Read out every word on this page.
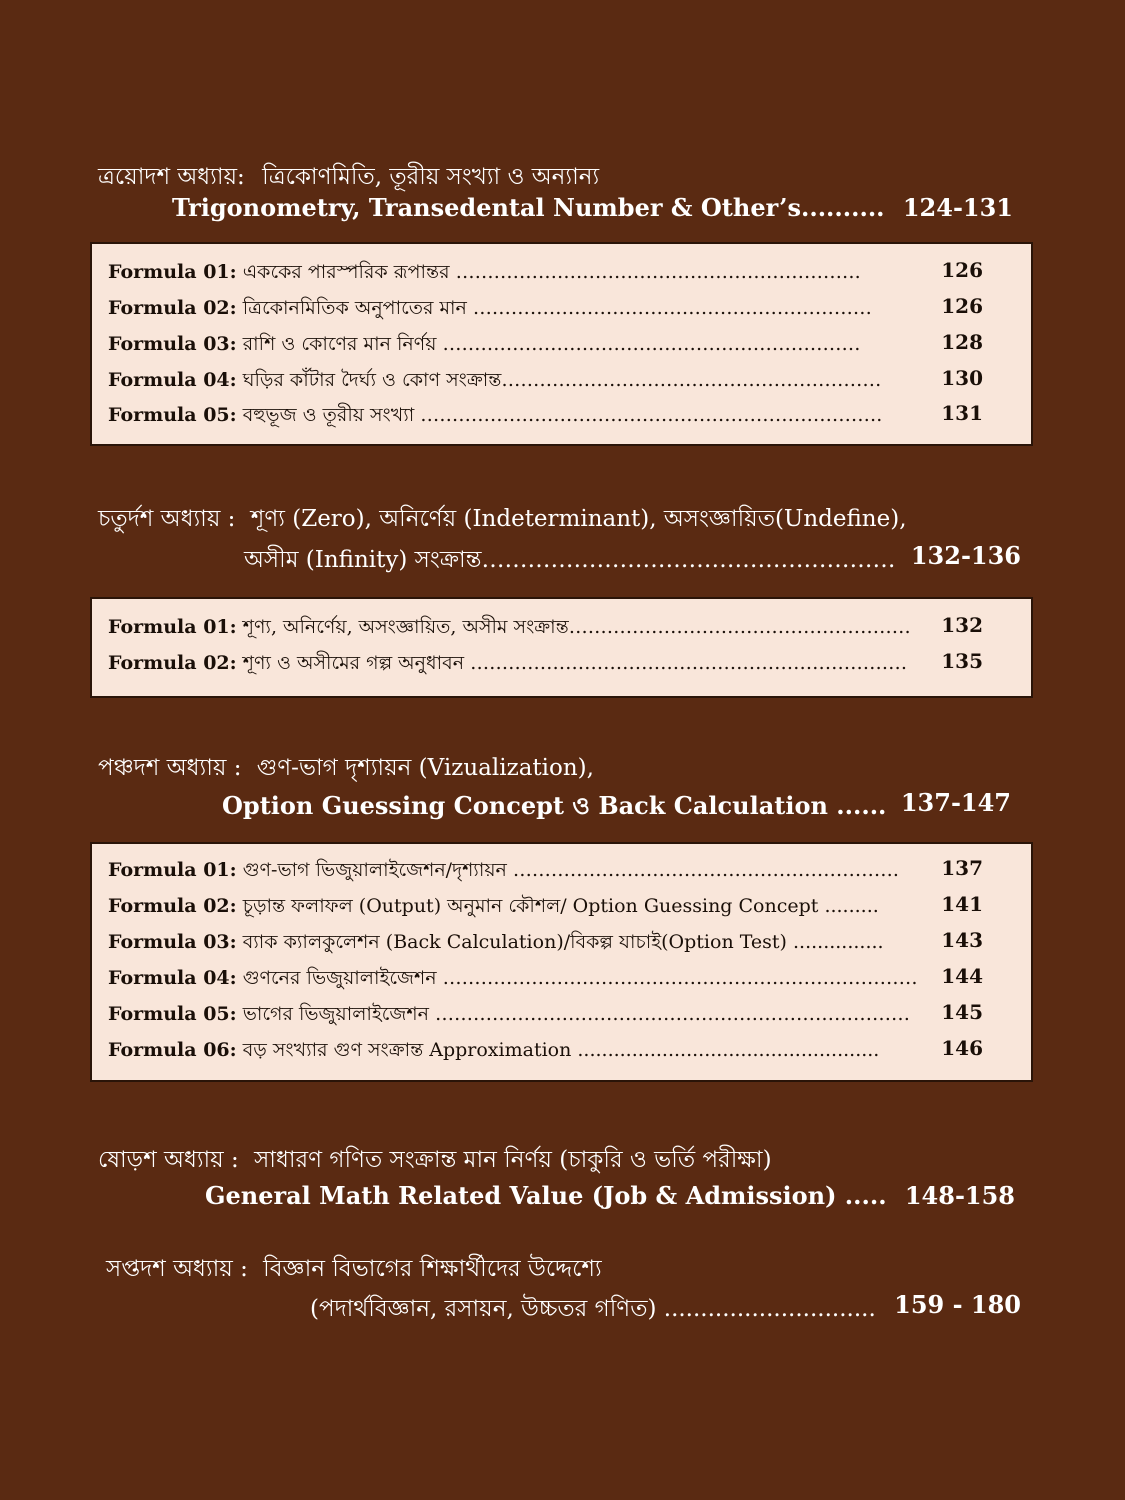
ত্রয়োদশ অধ্যায়: ত্রিকোণমিতি, তূরীয় সংখ্যা ও অন্যান্য
Trigonometry, Transedental Number & Other’s.......... 124-131
Formula 01: এককের পারস্পরিক রূপান্তর ……………………………………………………….	126
Formula 02: ত্রিকোনমিতিক অনুপাতের মান ………………………………………………………	126
Formula 03: রাশি ও কোণের মান নির্ণয় …………………………………………………………	128
Formula 04: ঘড়ির কাঁটার দৈর্ঘ্য ও কোণ সংক্রান্ত……………………………………………………	130
Formula 05: বহুভূজ ও তূরীয় সংখ্যা ……………………………………………………………….	131
চতুর্দশ অধ্যায় : শূণ্য (Zero), অনির্ণেয় (Indeterminant), অসংজ্ঞায়িত(Undefine),
অসীম (Infinity) সংক্রান্ত……………………………………………… 132-136
Formula 01: শূণ্য, অনির্ণেয়, অসংজ্ঞায়িত, অসীম সংক্রান্ত……………………………………………… 132
Formula 02: শূণ্য ও অসীমের গল্প অনুধাবন …………………………………………………………… 135
পঞ্চদশ অধ্যায় : গুণ-ভাগ দৃশ্যায়ন (Vizualization),
Option Guessing Concept ও Back Calculation ...... 137-147
Formula 01: গুণ-ভাগ ভিজুয়ালাইজেশন/দৃশ্যায়ন ……………………………………………………. 137
Formula 02: চূড়ান্ত ফলাফল (Output) অনুমান কৌশল/ Option Guessing Concept .........	141
Formula 03: ব্যাক ক্যালকুলেশন (Back Calculation)/বিকল্প যাচাই(Option Test) ...............	143
Formula 04: গুণনের ভিজুয়ালাইজেশন ………………………………………………………………… 144
Formula 05: ভাগের ভিজুয়ালাইজেশন ………………………………………………………………… 145
Formula 06: বড় সংখ্যার গুণ সংক্রান্ত Approximation ..................................................	146
ষোড়শ অধ্যায় : সাধারণ গণিত সংক্রান্ত মান নির্ণয় (চাকুরি ও ভর্তি পরীক্ষা)
General Math Related Value (Job & Admission) ..... 148-158
সপ্তদশ অধ্যায় : বিজ্ঞান বিভাগের শিক্ষার্থীদের উদ্দেশ্যে
(পদার্থবিজ্ঞান, রসায়ন, উচ্চতর গণিত) ............................. 159 - 180
